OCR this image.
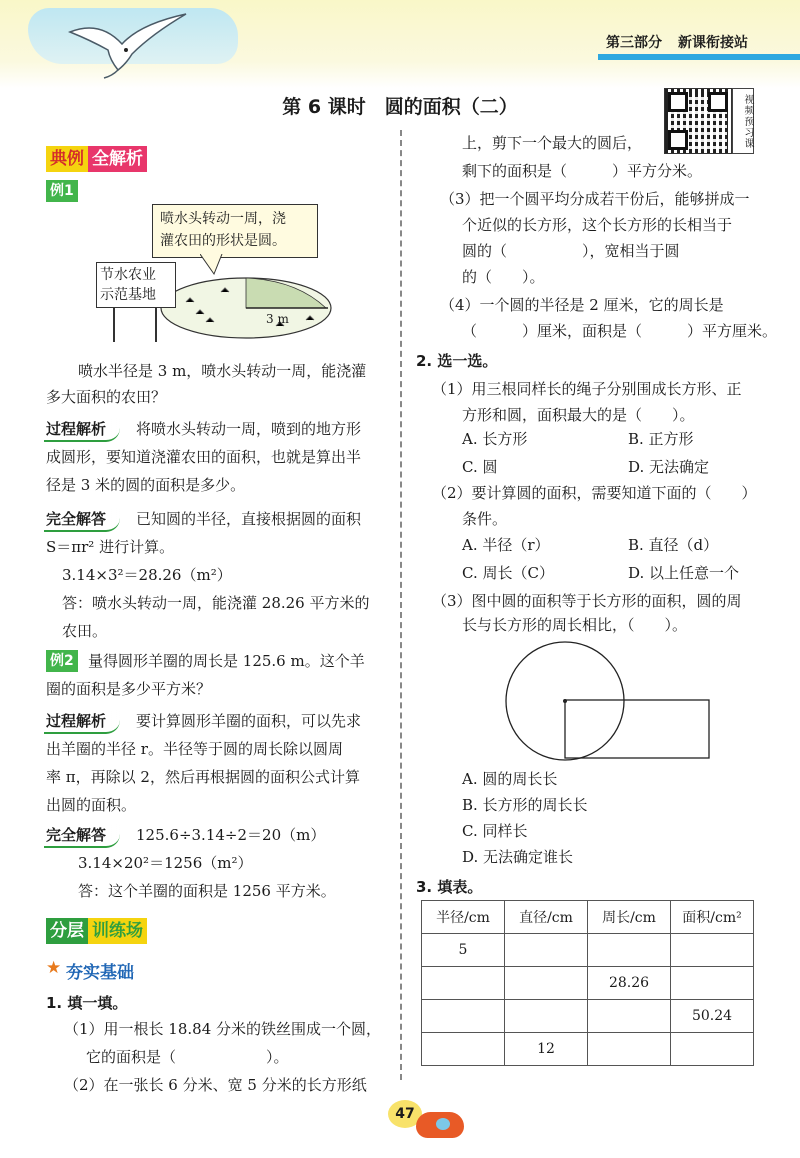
第三部分 新课衔接站
第 6 课时　圆的面积（二）	视频预习课
典例 全解析
例1
喷水头转动一周，浇
灌农田的形状是圆。
节水农业
示范基地
3 m
喷水半径是 3 m，喷水头转动一周，能浇灌
多大面积的农田？
过程解析	将喷水头转动一周，喷到的地方形
成圆形，要知道浇灌农田的面积，也就是算出半
径是 3 米的圆的面积是多少。
完全解答	已知圆的半径，直接根据圆的面积
S＝πr² 进行计算。
3.14×3²＝28.26（m²）
答：喷水头转动一周，能浇灌 28.26 平方米的
农田。
例2 量得圆形羊圈的周长是 125.6 m。这个羊
圈的面积是多少平方米？
过程解析	要计算圆形羊圈的面积，可以先求
出羊圈的半径 r。半径等于圆的周长除以圆周
率 π，再除以 2，然后再根据圆的面积公式计算
出圆的面积。
完全解答	125.6÷3.14÷2＝20（m）
3.14×20²＝1256（m²）
答：这个羊圈的面积是 1256 平方米。
分层 训练场
★ 夯实基础
1. 填一填。
（1）用一根长 18.84 分米的铁丝围成一个圆，
它的面积是（　　　　　　）。
（2）在一张长 6 分米、宽 5 分米的长方形纸
上，剪下一个最大的圆后，
剩下的面积是（　　　）平方分米。
（3）把一个圆平均分成若干份后，能够拼成一
个近似的长方形，这个长方形的长相当于
圆的（　　　　　），宽相当于圆
的（　　）。
（4）一个圆的半径是 2 厘米，它的周长是
（　　　）厘米，面积是（　　　）平方厘米。
2. 选一选。
（1）用三根同样长的绳子分别围成长方形、正
方形和圆，面积最大的是（　　）。
A. 长方形	B. 正方形
C. 圆	D. 无法确定
（2）要计算圆的面积，需要知道下面的（　　）
条件。
A. 半径（r）	B. 直径（d）
C. 周长（C）	D. 以上任意一个
（3）图中圆的面积等于长方形的面积，圆的周
长与长方形的周长相比，（　　）。
A. 圆的周长长
B. 长方形的周长长
C. 同样长
D. 无法确定谁长
3. 填表。
半径/cm	直径/cm	周长/cm	面积/cm²
5			
		28.26	
			50.24
	12		
47
